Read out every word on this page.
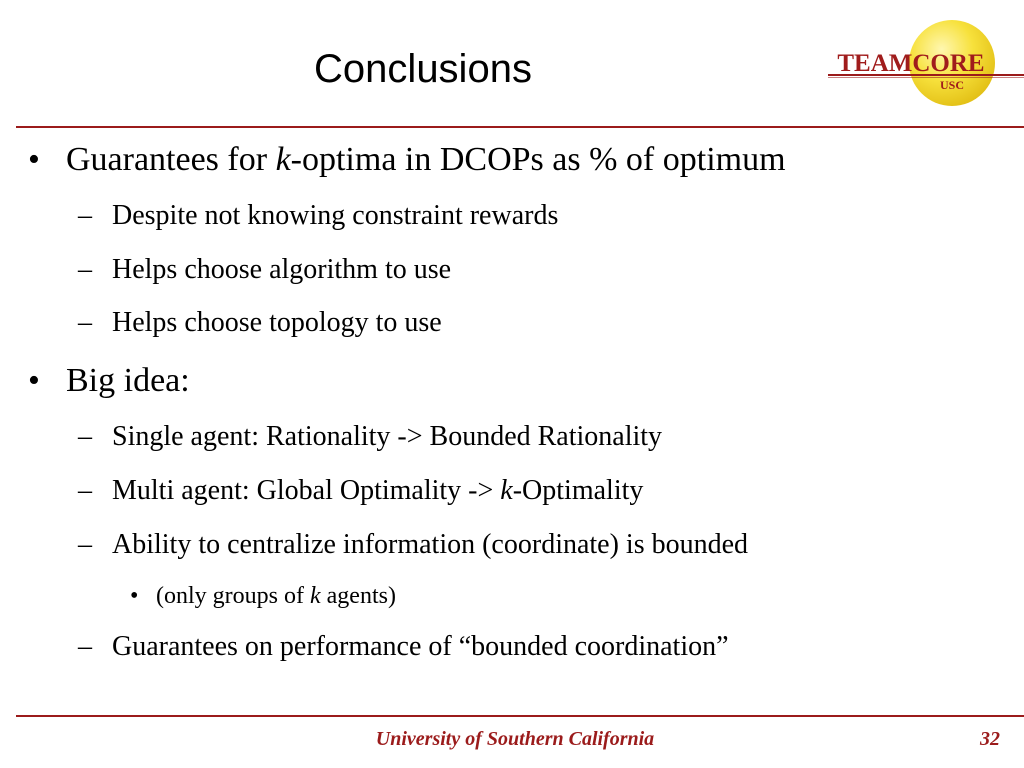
Conclusions	TEAMCORE
USC
• Guarantees for k-optima in DCOPs as % of optimum
– Despite not knowing constraint rewards
– Helps choose algorithm to use
– Helps choose topology to use
• Big idea:
– Single agent: Rationality -> Bounded Rationality
– Multi agent: Global Optimality -> k-Optimality
– Ability to centralize information (coordinate) is bounded
• (only groups of k agents)
– Guarantees on performance of “bounded coordination”
University of Southern California	32
